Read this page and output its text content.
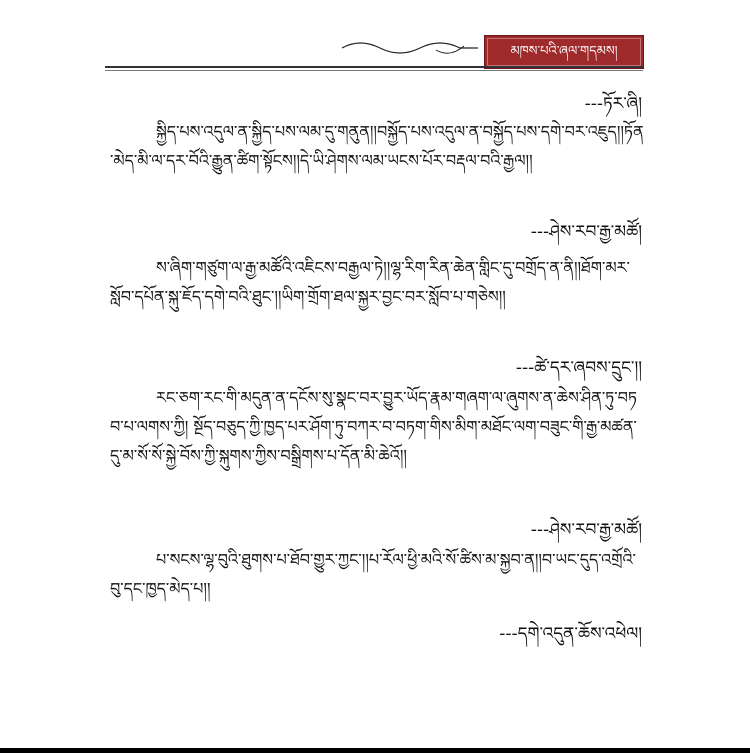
མཁས་པའི་ཞལ་གདམས།
---ཏོར་ཞི།
སྐྱིད་པས་འདུལ་ན་སྐྱིད་པས་ལམ་དུ་གནུན།།བསྐྱོད་པས་འདུལ་ན་བསྐྱོད་པས་དགེ་བར་འཇུད།།ཏོན་མེད་མི་ལ་དར་བོའི་རྒྱུན་ཚིག་སྟོངས།།དེ་ཡི་ཤེགས་ལམ་ཡངས་པོར་བརྡལ་བའི་རྒྱལ།།
---ཤེས་རབ་རྒྱ་མཚོ།
ས་ཞིག་གཙུག་ལ་རྒྱ་མཚོའི་འཇིངས་བརྒྱལ་ཏེ།།ལྷ་རིག་རིན་ཆེན་གླིང་དུ་བགྲོད་ན་ནི།།ཐོག་མར་སློབ་དཔོན་སྐུ་ཇོད་དགེ་བའི་ཐུང་།།ཡིག་གྲོག་ཐལ་སྐྱར་བྱང་བར་སློབ་པ་གཅེས།།
---ཚེ་དར་ཞབས་དྲུང་།།
རང་ཅག་རང་གི་མདུན་ན་དངོས་སུ་སྣང་བར་བྱུར་ཡོད་རྣམ་གཞག་ལ་ཞུགས་ན་ཆེས་ཤིན་ཏུ་བཏབ་པ་ལགས་ཀྱི། སྔོད་བཅུད་ཀྱི་ཁྱད་པར་ཤོག་ཏུ་བཀར་བ་བཏག་གིས་མིག་མཐོང་ལག་བཟུང་གི་རྒྱ་མཚན་དུ་མ་སོ་སོ་སྐྱེ་བོས་ཀྱི་སྐུགས་ཀྱིས་བསྒྲིགས་པ་དོན་མི་ཆེའོ།།
---ཤེས་རབ་རྒྱ་མཚོ།
པ་སངས་ལྷ་བུའི་ཐུགས་པ་ཐོབ་གྱུར་ཀྱང་།།པ་རོལ་ཕྱི་མའི་སོ་ཚིས་མ་སྐྱབ་ན།།བ་ཡང་དུད་འགྲོའི་བུ་དང་ཁྱད་མེད་པ།།
---དགེ་འདུན་ཆོས་འཕེལ།
